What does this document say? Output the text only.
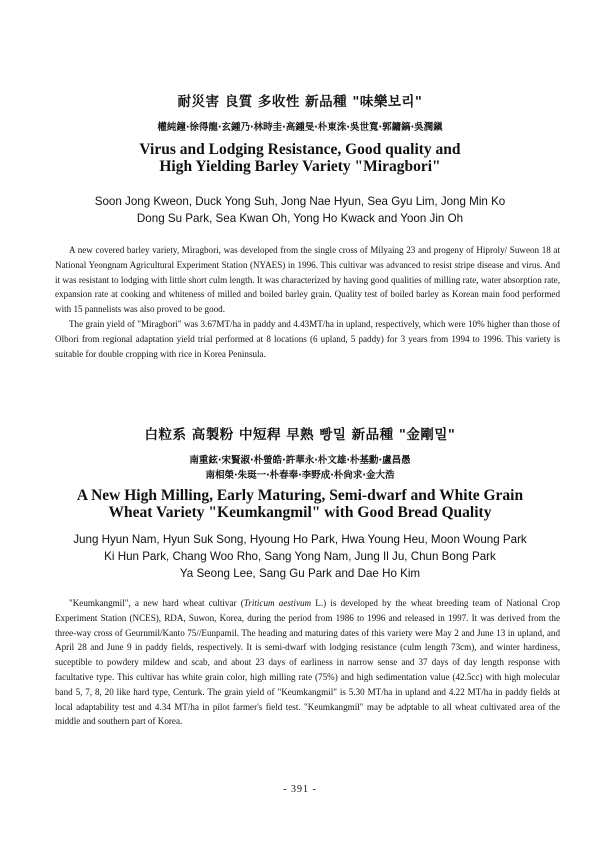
耐災害 良質 多收性 新品種 "味樂보리"

權純鐘·徐得龍·玄鍾乃·林時圭·高鍾旻·朴東洙·吳世寬·郭鏞鎬·吳潤鎭

Virus and Lodging Resistance, Good quality and

High Yielding Barley Variety "Miragbori"

Soon Jong Kweon, Duck Yong Suh, Jong Nae Hyun, Sea Gyu Lim, Jong Min Ko

Dong Su Park, Sea Kwan Oh, Yong Ho Kwack and Yoon Jin Oh

A new covered barley variety, Miragbori, was developed from the single cross of Milyaing 23 and progeny of Hiproly/ Suweon 18 at National Yeongnam Agricultural Experiment Station (NYAES) in 1996. This cultivar was advanced to resist stripe disease and virus. And it was resistant to lodging with little short culm length. It was characterized by having good qualities of milling rate, water absorption rate, expansion rate at cooking and whiteness of milled and boiled barley grain. Quality test of boiled barley as Korean main food performed with 15 pannelists was also proved to be good.

The grain yield of "Miragbori" was 3.67MT/ha in paddy and 4.43MT/ha in upland, respectively, which were 10% higher than those of Olbori from regional adaptation yield trial performed at 8 locations (6 upland, 5 paddy) for 3 years from 1994 to 1996. This variety is suitable for double cropping with rice in Korea Peninsula.

白粒系 高製粉 中短稈 早熟 빵밀 新品種 "金剛밀"

南重鉉·宋賢淑·朴螢皓·許華永·朴文雄·朴基勳·盧昌愚

南相榮·朱珽一·朴春奉·李野成·朴尙求·金大浩

A New High Milling, Early Maturing, Semi-dwarf and White Grain

Wheat Variety "Keumkangmil" with Good Bread Quality

Jung Hyun Nam, Hyun Suk Song, Hyoung Ho Park, Hwa Young Heu, Moon Woung Park

Ki Hun Park, Chang Woo Rho, Sang Yong Nam, Jung Il Ju, Chun Bong Park

Ya Seong Lee, Sang Gu Park and Dae Ho Kim

"Keumkangmil", a new hard wheat cultivar (Triticum aestivum L.) is developed by the wheat breeding team of National Crop Experiment Station (NCES), RDA, Suwon, Korea, during the period from 1986 to 1996 and released in 1997. It was derived from the three-way cross of Geurnmil/Kanto 75//Eunpamil. The heading and maturing dates of this variety were May 2 and June 13 in upland, and April 28 and June 9 in paddy fields, respectively. It is semi-dwarf with lodging resistance (culm length 73cm), and winter hardiness, suceptible to powdery mildew and scab, and about 23 days of earliness in narrow sense and 37 days of day length response with facultative type. This cultivar has white grain color, high milling rate (75%) and high sedimentation value (42.5cc) with high molecular band 5, 7, 8, 20 like hard type, Centurk. The grain yield of "Keumkangmil" is 5.30 MT/ha in upland and 4.22 MT/ha in paddy fields at local adaptability test and 4.34 MT/ha in pilot farmer's field test. "Keumkangmil" may be adptable to all wheat cultivated area of the middle and southern part of Korea.

- 391 -
